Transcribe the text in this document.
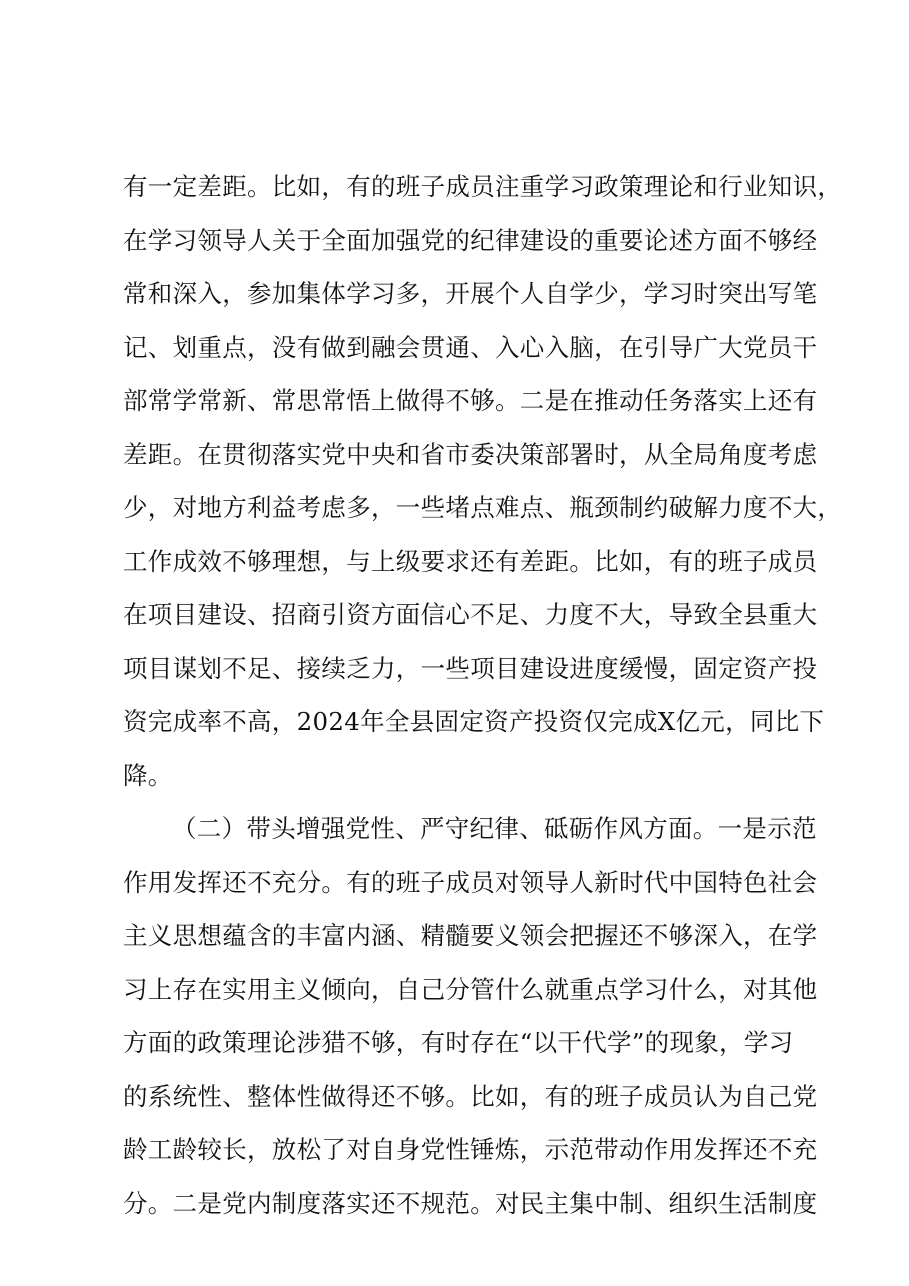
有一定差距。比如，有的班子成员注重学习政策理论和行业知识，
在学习领导人关于全面加强党的纪律建设的重要论述方面不够经
常和深入，参加集体学习多，开展个人自学少，学习时突出写笔
记、划重点，没有做到融会贯通、入心入脑，在引导广大党员干
部常学常新、常思常悟上做得不够。二是在推动任务落实上还有
差距。在贯彻落实党中央和省市委决策部署时，从全局角度考虑
少，对地方利益考虑多，一些堵点难点、瓶颈制约破解力度不大，
工作成效不够理想，与上级要求还有差距。比如，有的班子成员
在项目建设、招商引资方面信心不足、力度不大，导致全县重大
项目谋划不足、接续乏力，一些项目建设进度缓慢，固定资产投
资完成率不高，2024年全县固定资产投资仅完成X亿元，同比下
降。
（二）带头增强党性、严守纪律、砥砺作风方面。一是示范
作用发挥还不充分。有的班子成员对领导人新时代中国特色社会
主义思想蕴含的丰富内涵、精髓要义领会把握还不够深入，在学
习上存在实用主义倾向，自己分管什么就重点学习什么，对其他
方面的政策理论涉猎不够，有时存在“以干代学”的现象，学习
的系统性、整体性做得还不够。比如，有的班子成员认为自己党
龄工龄较长，放松了对自身党性锤炼，示范带动作用发挥还不充
分。二是党内制度落实还不规范。对民主集中制、组织生活制度
